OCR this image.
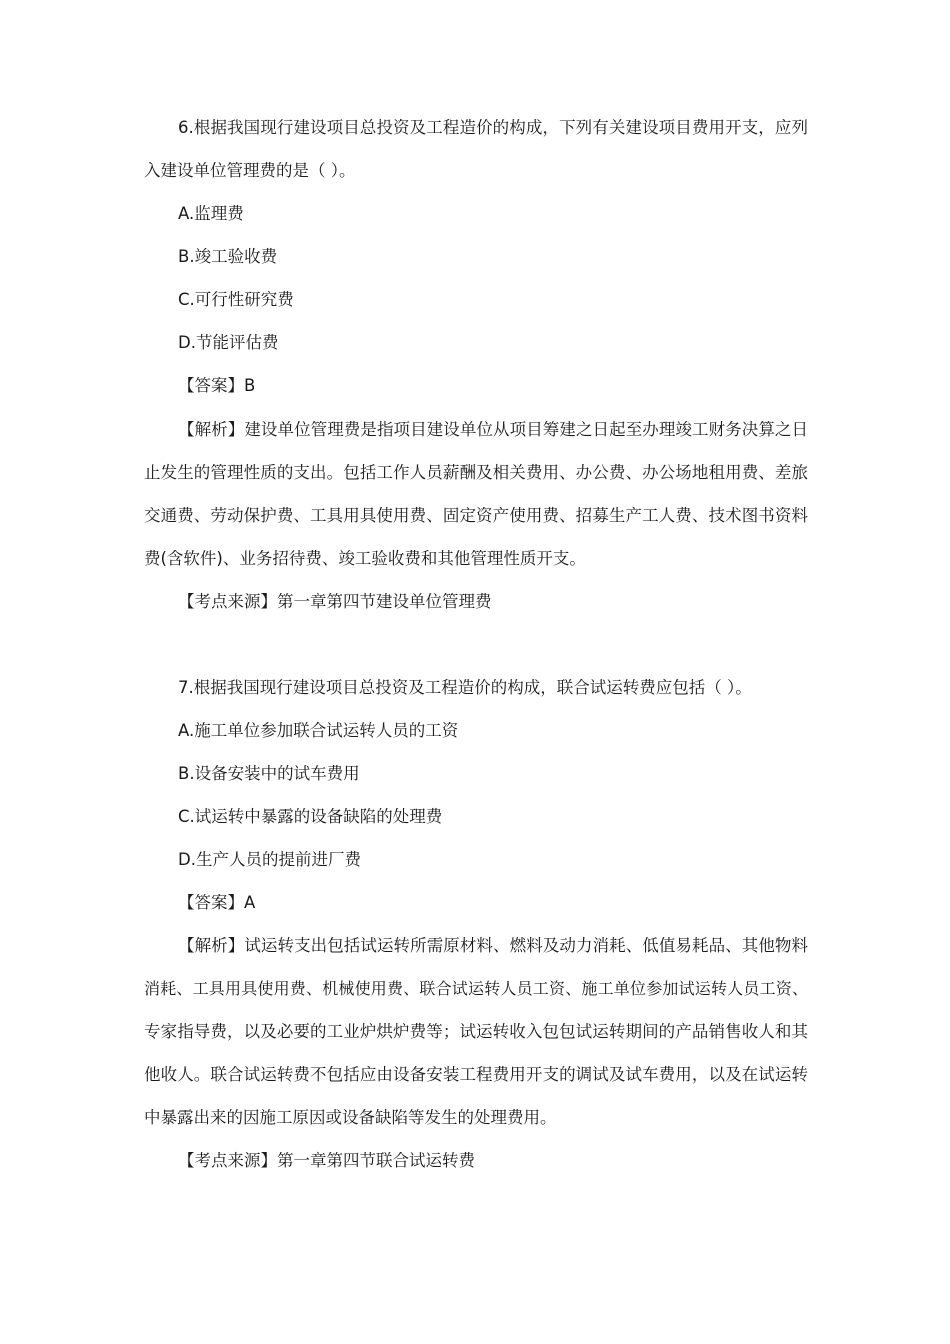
6.根据我国现行建设项目总投资及工程造价的构成，下列有关建设项目费用开支，应列
入建设单位管理费的是（ ）。
A.监理费
B.竣工验收费
C.可行性研究费
D.节能评估费
【答案】B
【解析】建设单位管理费是指项目建设单位从项目筹建之日起至办理竣工财务决算之日
止发生的管理性质的支出。包括工作人员薪酬及相关费用、办公费、办公场地租用费、差旅
交通费、劳动保护费、工具用具使用费、固定资产使用费、招募生产工人费、技术图书资料
费(含软件)、业务招待费、竣工验收费和其他管理性质开支。
【考点来源】第一章第四节建设单位管理费
7.根据我国现行建设项目总投资及工程造价的构成，联合试运转费应包括（ ）。
A.施工单位参加联合试运转人员的工资
B.设备安装中的试车费用
C.试运转中暴露的设备缺陷的处理费
D.生产人员的提前进厂费
【答案】A
【解析】试运转支出包括试运转所需原材料、燃料及动力消耗、低值易耗品、其他物料
消耗、工具用具使用费、机械使用费、联合试运转人员工资、施工单位参加试运转人员工资、
专家指导费，以及必要的工业炉烘炉费等；试运转收入包包试运转期间的产品销售收人和其
他收人。联合试运转费不包括应由设备安装工程费用开支的调试及试车费用，以及在试运转
中暴露出来的因施工原因或设备缺陷等发生的处理费用。
【考点来源】第一章第四节联合试运转费
